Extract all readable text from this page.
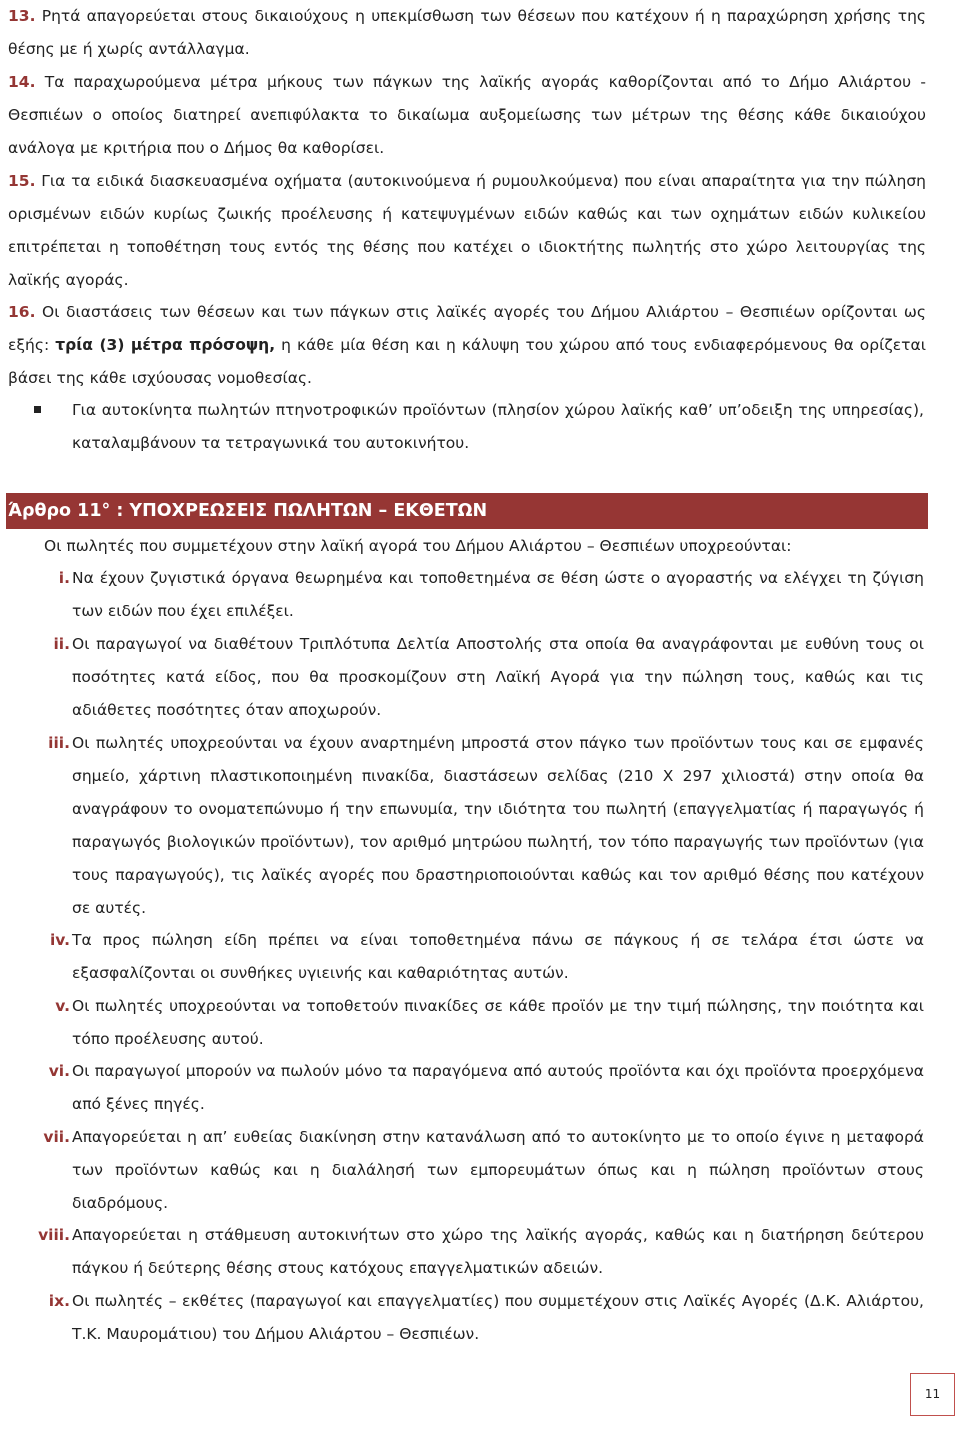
13. Ρητά απαγορεύεται στους δικαιούχους η υπεκμίσθωση των θέσεων που κατέχουν ή η παραχώρηση χρήσης της θέσης με ή χωρίς αντάλλαγμα.

14. Τα παραχωρούμενα μέτρα μήκους των πάγκων της λαϊκής αγοράς καθορίζονται από το Δήμο Αλιάρτου - Θεσπιέων ο οποίος διατηρεί ανεπιφύλακτα το δικαίωμα αυξομείωσης των μέτρων της θέσης κάθε δικαιούχου ανάλογα με κριτήρια που ο Δήμος θα καθορίσει.

15. Για τα ειδικά διασκευασμένα οχήματα (αυτοκινούμενα ή ρυμουλκούμενα) που είναι απαραίτητα για την πώληση ορισμένων ειδών κυρίως ζωικής προέλευσης ή κατεψυγμένων ειδών καθώς και των οχημάτων ειδών κυλικείου επιτρέπεται η τοποθέτηση τους εντός της θέσης που κατέχει ο ιδιοκτήτης πωλητής στο χώρο λειτουργίας της λαϊκής αγοράς.

16. Οι διαστάσεις των θέσεων και των πάγκων στις λαϊκές αγορές του Δήμου Αλιάρτου – Θεσπιέων ορίζονται ως εξής: τρία (3) μέτρα πρόσοψη, η κάθε μία θέση και η κάλυψη του χώρου από τους ενδιαφερόμενους θα ορίζεται βάσει της κάθε ισχύουσας νομοθεσίας.

Για αυτοκίνητα πωλητών πτηνοτροφικών προϊόντων (πλησίον χώρου λαϊκής καθ’ υπ’οδειξη της υπηρεσίας), καταλαμβάνουν τα τετραγωνικά του αυτοκινήτου.
Άρθρο 11° : ΥΠΟΧΡΕΩΣΕΙΣ ΠΩΛΗΤΩΝ – ΕΚΘΕΤΩΝ
Οι πωλητές που συμμετέχουν στην λαϊκή αγορά του Δήμου Αλιάρτου – Θεσπιέων υποχρεούνται:
i. Να έχουν ζυγιστικά όργανα θεωρημένα και τοποθετημένα σε θέση ώστε ο αγοραστής να ελέγχει τη ζύγιση των ειδών που έχει επιλέξει.
ii. Οι παραγωγοί να διαθέτουν Τριπλότυπα Δελτία Αποστολής στα οποία θα αναγράφονται με ευθύνη τους οι ποσότητες κατά είδος, που θα προσκομίζουν στη Λαϊκή Αγορά για την πώληση τους, καθώς και τις αδιάθετες ποσότητες όταν αποχωρούν.
iii. Οι πωλητές υποχρεούνται να έχουν αναρτημένη μπροστά στον πάγκο των προϊόντων τους και σε εμφανές σημείο, χάρτινη πλαστικοποιημένη πινακίδα, διαστάσεων σελίδας (210 Χ 297 χιλιοστά) στην οποία θα αναγράφουν το ονοματεπώνυμο ή την επωνυμία, την ιδιότητα του πωλητή (επαγγελματίας ή παραγωγός ή παραγωγός βιολογικών προϊόντων), τον αριθμό μητρώου πωλητή, τον τόπο παραγωγής των προϊόντων (για τους παραγωγούς), τις λαϊκές αγορές που δραστηριοποιούνται καθώς και τον αριθμό θέσης που κατέχουν σε αυτές.
iv. Τα προς πώληση είδη πρέπει να είναι τοποθετημένα πάνω σε πάγκους ή σε τελάρα έτσι ώστε να εξασφαλίζονται οι συνθήκες υγιεινής και καθαριότητας αυτών.
v. Οι πωλητές υποχρεούνται να τοποθετούν πινακίδες σε κάθε προϊόν με την τιμή πώλησης, την ποιότητα και τόπο προέλευσης αυτού.
vi. Οι παραγωγοί μπορούν να πωλούν μόνο τα παραγόμενα από αυτούς προϊόντα και όχι προϊόντα προερχόμενα από ξένες πηγές.
vii. Απαγορεύεται η απ’ ευθείας διακίνηση στην κατανάλωση από το αυτοκίνητο με το οποίο έγινε η μεταφορά των προϊόντων καθώς και η διαλάλησή των εμπορευμάτων όπως και η πώληση προϊόντων στους διαδρόμους.
viii. Απαγορεύεται η στάθμευση αυτοκινήτων στο χώρο της λαϊκής αγοράς, καθώς και η διατήρηση δεύτερου πάγκου ή δεύτερης θέσης στους κατόχους επαγγελματικών αδειών.
ix. Οι πωλητές – εκθέτες (παραγωγοί και επαγγελματίες) που συμμετέχουν στις Λαϊκές Αγορές (Δ.Κ. Αλιάρτου, Τ.Κ. Μαυρομάτιου) του Δήμου Αλιάρτου – Θεσπιέων.
11
